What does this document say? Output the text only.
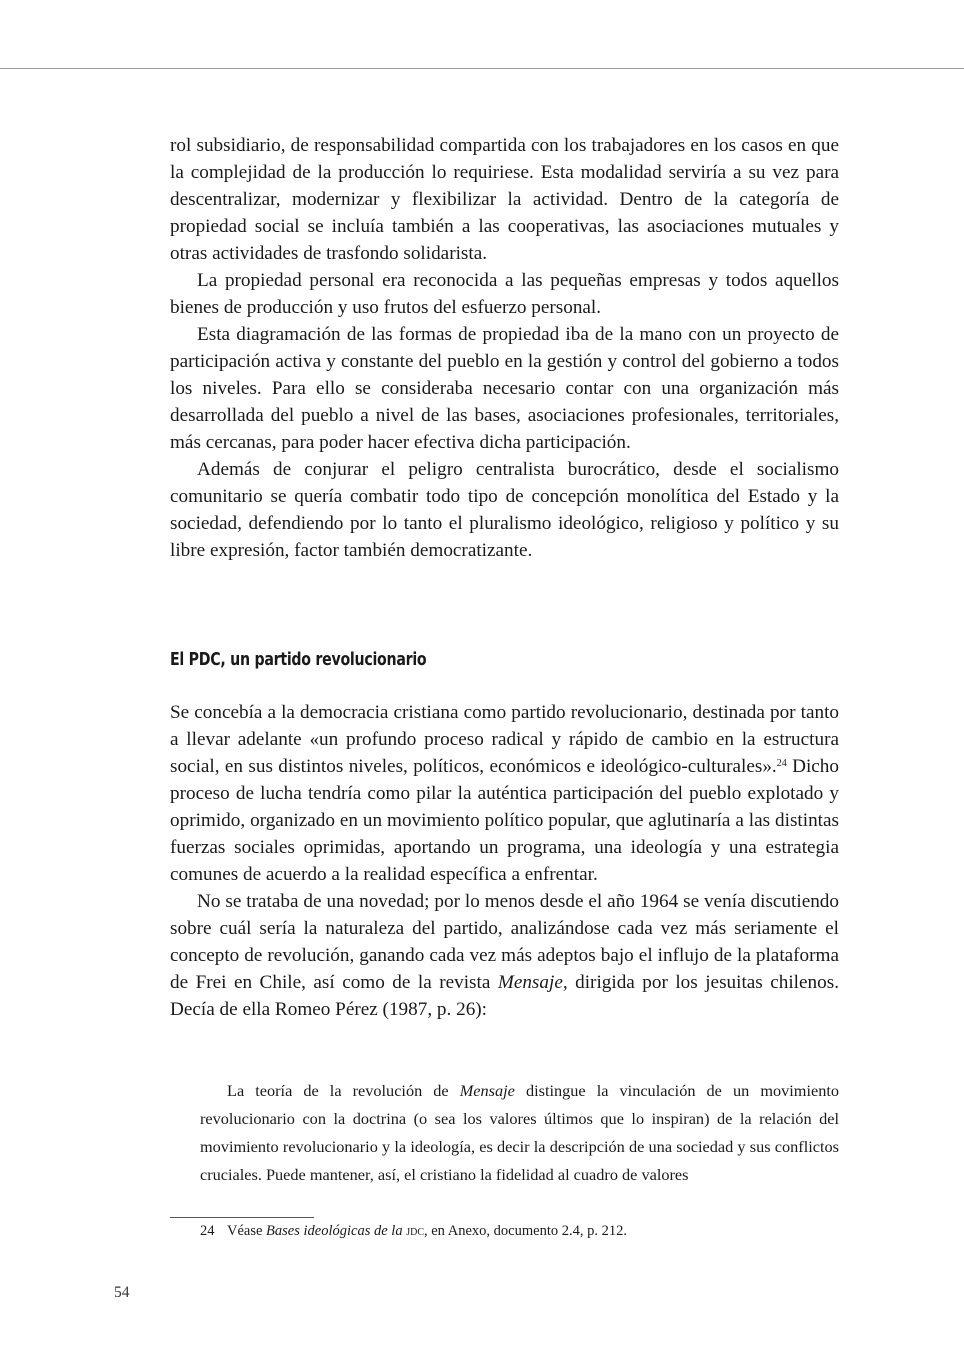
rol subsidiario, de responsabilidad compartida con los trabajadores en los casos en que la complejidad de la producción lo requiriese. Esta modalidad serviría a su vez para descentralizar, modernizar y flexibilizar la actividad. Dentro de la categoría de propiedad social se incluía también a las cooperativas, las asociaciones mutuales y otras actividades de trasfondo solidarista.

La propiedad personal era reconocida a las pequeñas empresas y todos aquellos bienes de producción y uso frutos del esfuerzo personal.

Esta diagramación de las formas de propiedad iba de la mano con un proyecto de participación activa y constante del pueblo en la gestión y control del gobierno a todos los niveles. Para ello se consideraba necesario contar con una organización más desarrollada del pueblo a nivel de las bases, asociaciones profesionales, territoriales, más cercanas, para poder hacer efectiva dicha participación.

Además de conjurar el peligro centralista burocrático, desde el socialismo comunitario se quería combatir todo tipo de concepción monolítica del Estado y la sociedad, defendiendo por lo tanto el pluralismo ideológico, religioso y político y su libre expresión, factor también democratizante.

El PDC, un partido revolucionario

Se concebía a la democracia cristiana como partido revolucionario, destinada por tanto a llevar adelante «un profundo proceso radical y rápido de cambio en la estructura social, en sus distintos niveles, políticos, económicos e ideológico-culturales».$^{24}$ Dicho proceso de lucha tendría como pilar la auténtica participación del pueblo explotado y oprimido, organizado en un movimiento político popular, que aglutinaría a las distintas fuerzas sociales oprimidas, aportando un programa, una ideología y una estrategia comunes de acuerdo a la realidad específica a enfrentar.

No se trataba de una novedad; por lo menos desde el año 1964 se venía discutiendo sobre cuál sería la naturaleza del partido, analizándose cada vez más seriamente el concepto de revolución, ganando cada vez más adeptos bajo el influjo de la plataforma de Frei en Chile, así como de la revista Mensaje, dirigida por los jesuitas chilenos. Decía de ella Romeo Pérez (1987, p. 26):

La teoría de la revolución de Mensaje distingue la vinculación de un movimiento revolucionario con la doctrina (o sea los valores últimos que lo inspiran) de la relación del movimiento revolucionario y la ideología, es decir la descripción de una sociedad y sus conflictos cruciales. Puede mantener, así, el cristiano la fidelidad al cuadro de valores

24 Véase Bases ideológicas de la jdc, en Anexo, documento 2.4, p. 212.
54
